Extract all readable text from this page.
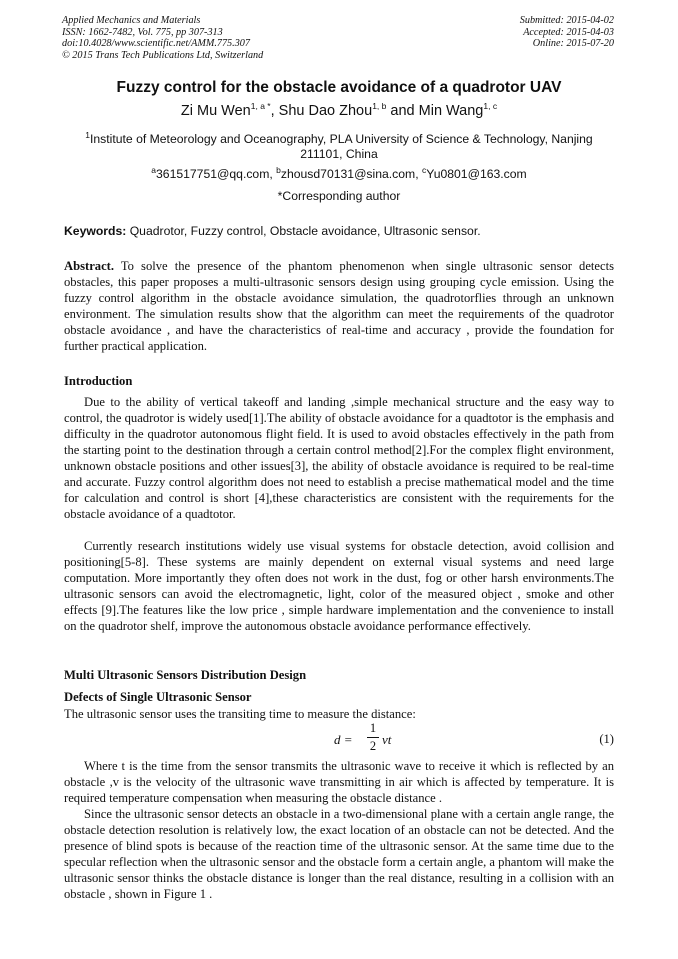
Applied Mechanics and Materials
ISSN: 1662-7482, Vol. 775, pp 307-313
doi:10.4028/www.scientific.net/AMM.775.307
© 2015 Trans Tech Publications Ltd, Switzerland
Submitted: 2015-04-02
Accepted: 2015-04-03
Online: 2015-07-20
Fuzzy control for the obstacle avoidance of a quadrotor UAV
Zi Mu Wen$^{1, a *}$, Shu Dao Zhou$^{1, b}$ and Min Wang$^{1, c}$
$^1$Institute of Meteorology and Oceanography, PLA University of Science & Technology, Nanjing 211101, China
$^a$361517751@qq.com, $^b$zhousd70131@sina.com, $^c$Yu0801@163.com
*Corresponding author
Keywords: Quadrotor, Fuzzy control, Obstacle avoidance, Ultrasonic sensor.
Abstract. To solve the presence of the phantom phenomenon when single ultrasonic sensor detects obstacles, this paper proposes a multi-ultrasonic sensors design using grouping cycle emission. Using the fuzzy control algorithm in the obstacle avoidance simulation, the quadrotorflies through an unknown environment. The simulation results show that the algorithm can meet the requirements of the quadrotor obstacle avoidance , and have the characteristics of real-time and accuracy , provide the foundation for further practical application.
Introduction
Due to the ability of vertical takeoff and landing ,simple mechanical structure and the easy way to control, the quadrotor is widely used[1].The ability of obstacle avoidance for a quadtotor is the emphasis and difficulty in the quadrotor autonomous flight field. It is used to avoid obstacles effectively in the path from the starting point to the destination through a certain control method[2].For the complex flight environment, unknown obstacle positions and other issues[3], the ability of obstacle avoidance is required to be real-time and accurate. Fuzzy control algorithm does not need to establish a precise mathematical model and the time for calculation and control is short [4],these characteristics are consistent with the requirements for the obstacle avoidance of a quadtotor.
Currently research institutions widely use visual systems for obstacle detection, avoid collision and positioning[5-8]. These systems are mainly dependent on external visual systems and need large computation. More importantly they often does not work in the dust, fog or other harsh environments.The ultrasonic sensors can avoid the electromagnetic, light, color of the measured object , smoke and other effects [9].The features like the low price , simple hardware implementation and the convenience to install on the quadrotor shelf, improve the autonomous obstacle avoidance performance effectively.
Multi Ultrasonic Sensors Distribution Design
Defects of Single Ultrasonic Sensor
The ultrasonic sensor uses the transiting time to measure the distance:
d =
1
2 vt	(1)
Where t is the time from the sensor transmits the ultrasonic wave to receive it which is reflected by an obstacle ,v is the velocity of the ultrasonic wave transmitting in air which is affected by temperature. It is required temperature compensation when measuring the obstacle distance .
Since the ultrasonic sensor detects an obstacle in a two-dimensional plane with a certain angle range, the obstacle detection resolution is relatively low, the exact location of an obstacle can not be detected. And the presence of blind spots is because of the reaction time of the ultrasonic sensor. At the same time due to the specular reflection when the ultrasonic sensor and the obstacle form a certain angle, a phantom will make the ultrasonic sensor thinks the obstacle distance is longer than the real distance, resulting in a collision with an obstacle , shown in Figure 1 .
